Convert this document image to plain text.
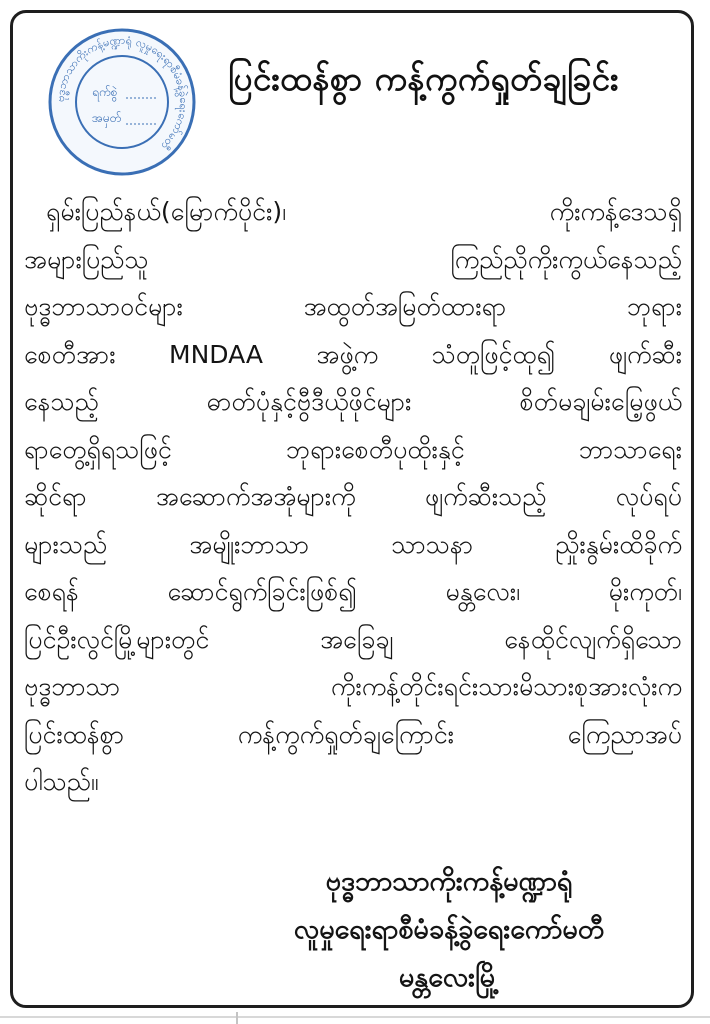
ဗုဒ္ဓဘာသာကိုးကန့်မဏ္ဍာရုံ လူမှုရေးရာစီမံခန့်ခွဲရေးကော်မတီ
ရက်စွဲ
အမှတ်
ပြင်းထန်စွာ ကန့်ကွက်ရှုတ်ချခြင်း
ရှမ်းပြည်နယ်(မြောက်ပိုင်း)၊	ကိုးကန့်ဒေသရှိ
အများပြည်သူ	ကြည်ညိုကိုးကွယ်နေသည့်
ဗုဒ္ဓဘာသာဝင်များ	အထွတ်အမြတ်ထားရာ	ဘုရား
စေတီအား MNDAA အဖွဲ့က သံတူဖြင့်ထု၍ ဖျက်ဆီး
နေသည့်	ဓာတ်ပုံနှင့်ဗွီဒီယိုဖိုင်များ	စိတ်မချမ်းမြေ့ဖွယ်
ရာတွေ့ရှိရသဖြင့်	ဘုရားစေတီပုထိုးနှင့်	ဘာသာရေး
ဆိုင်ရာ	အဆောက်အအုံများကို	ဖျက်ဆီးသည့်	လုပ်ရပ်
များသည်	အမျိုးဘာသာ	သာသနာ	ညှိုးနွမ်းထိခိုက်
စေရန်	ဆောင်ရွက်ခြင်းဖြစ်၍	မန္တလေး၊	မိုးကုတ်၊
ပြင်ဦးလွင်မြို့များတွင်	အခြေချ	နေထိုင်လျက်ရှိသော
ဗုဒ္ဓဘာသာ	ကိုးကန့်တိုင်းရင်းသားမိသားစုအားလုံးက
ပြင်းထန်စွာ	ကန့်ကွက်ရှုတ်ချကြောင်း	ကြေညာအပ်
ပါသည်။
ဗုဒ္ဓဘာသာကိုးကန့်မဏ္ဍာရုံ
လူမှုရေးရာစီမံခန့်ခွဲရေးကော်မတီ
မန္တလေးမြို့
